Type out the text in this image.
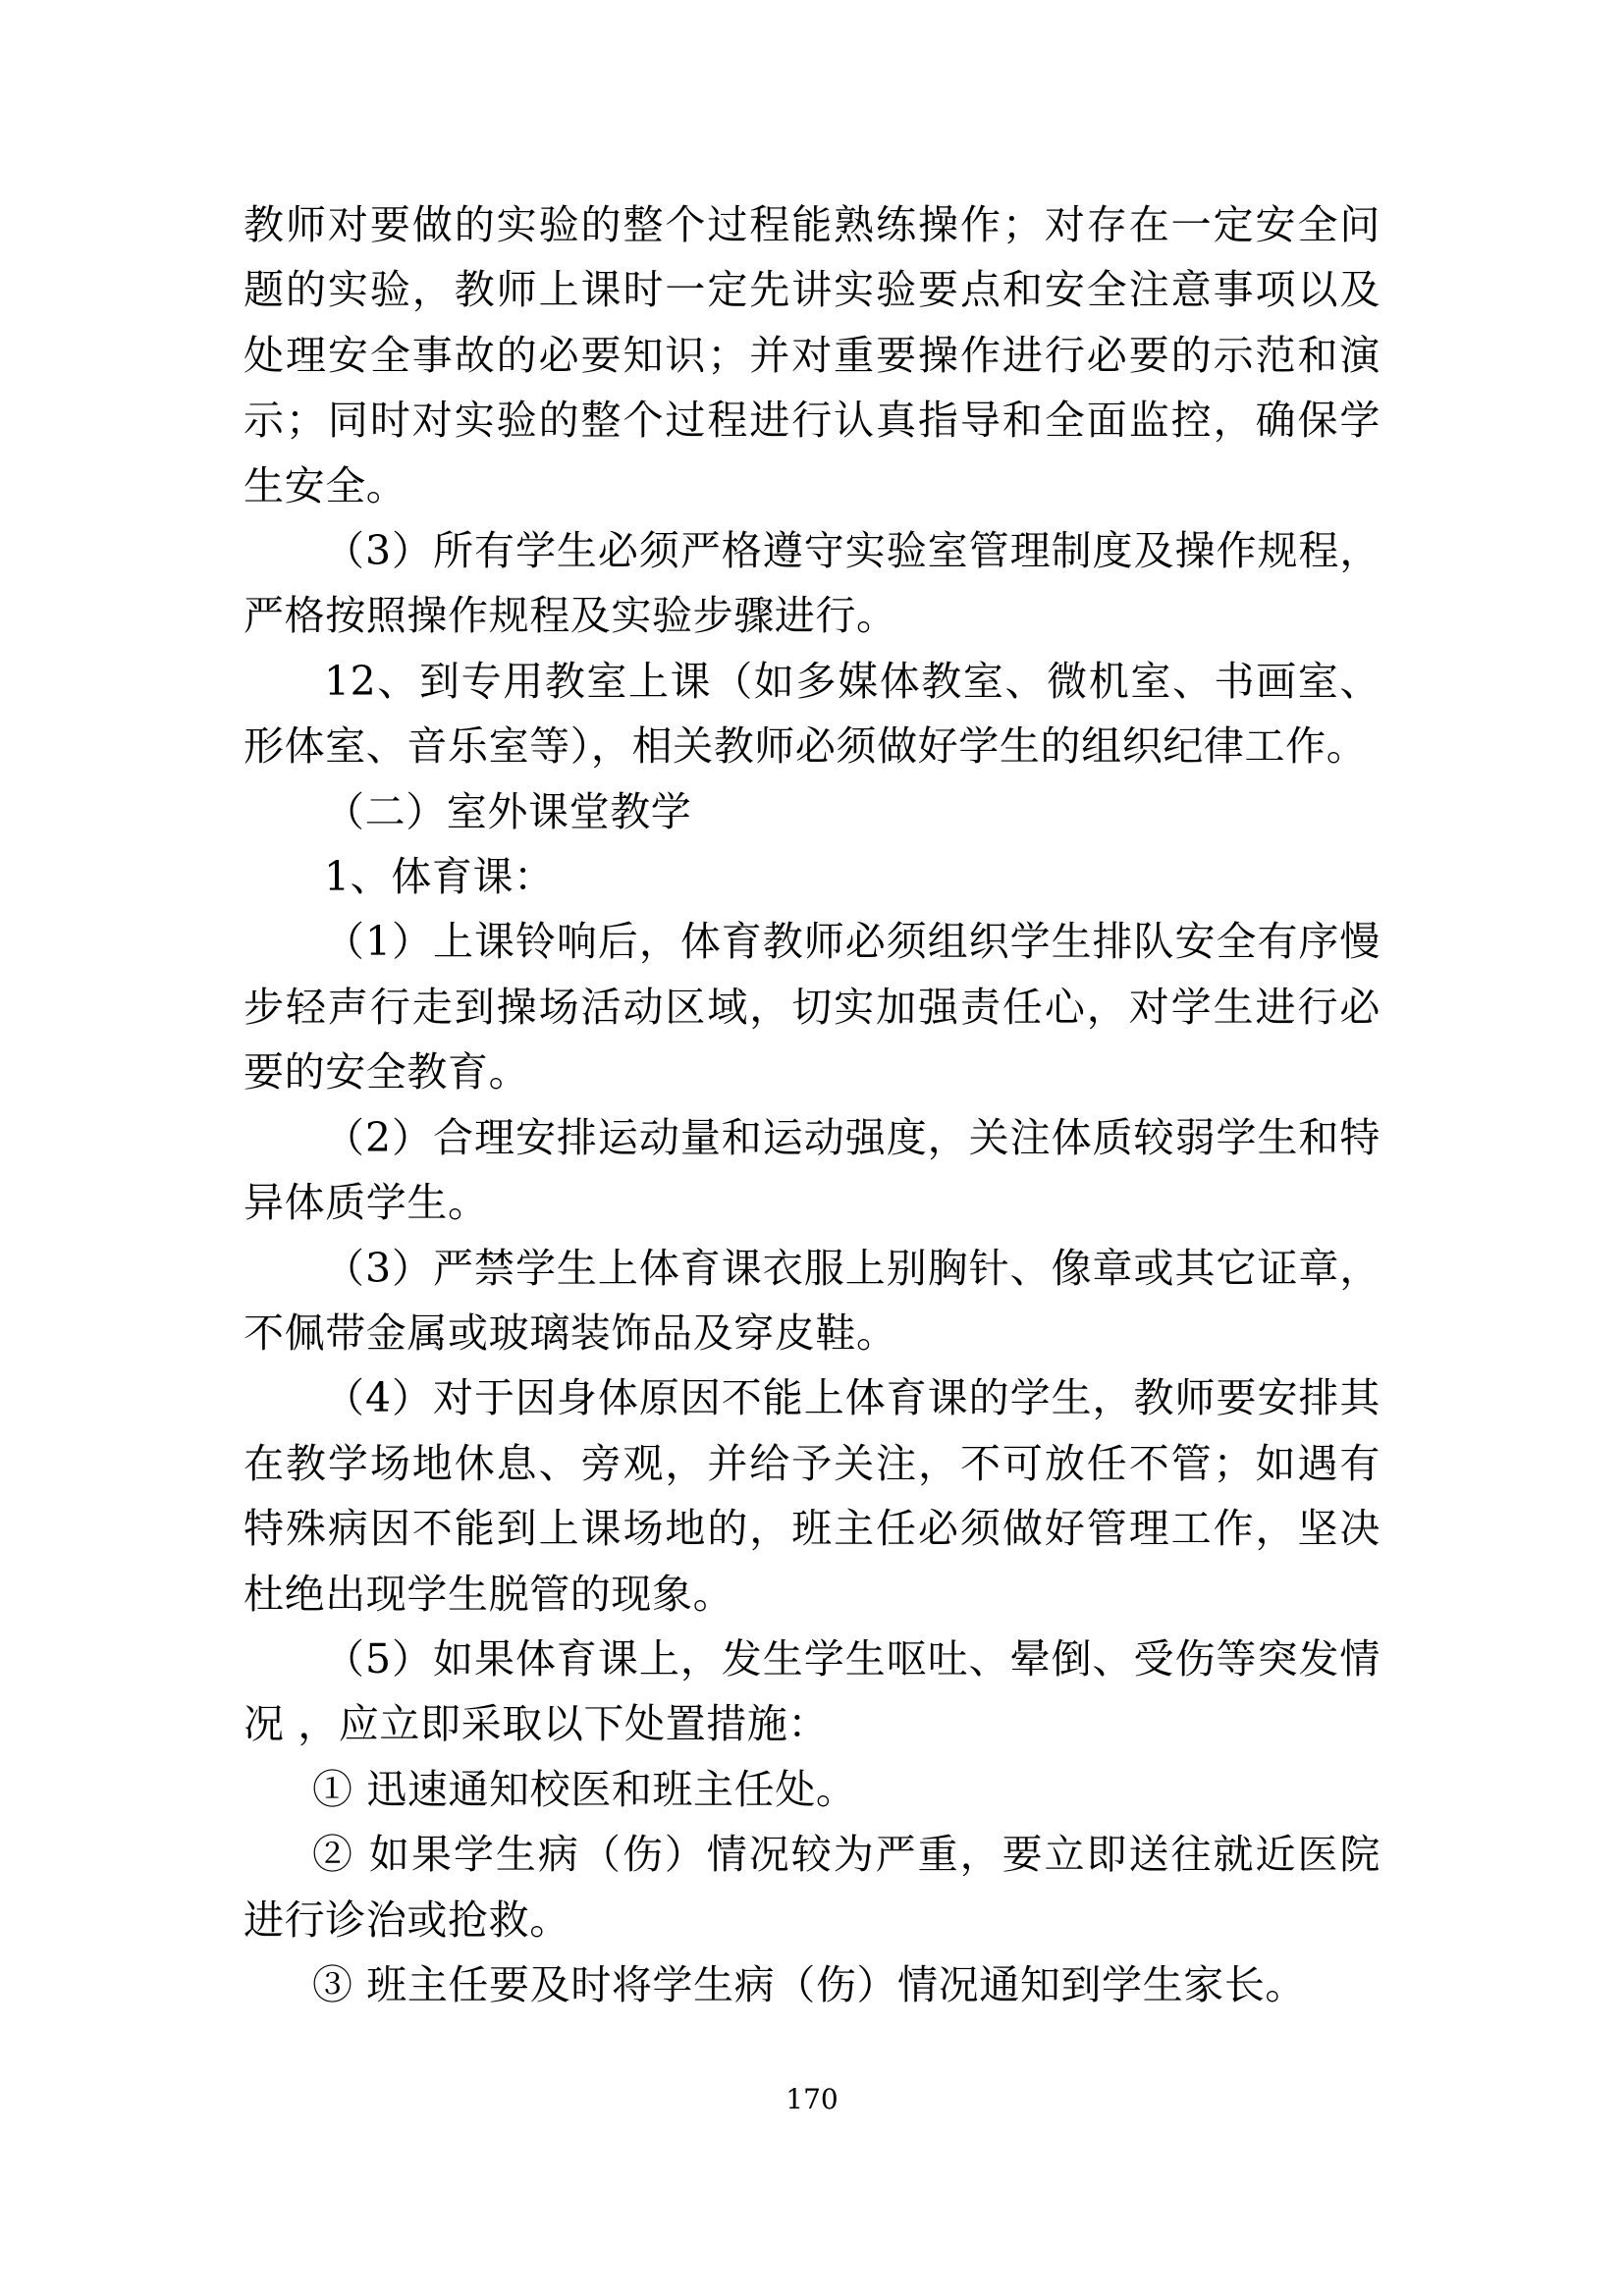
教师对要做的实验的整个过程能熟练操作；对存在一定安全问题的实验，教师上课时一定先讲实验要点和安全注意事项以及处理安全事故的必要知识；并对重要操作进行必要的示范和演示；同时对实验的整个过程进行认真指导和全面监控，确保学生安全。

（3）所有学生必须严格遵守实验室管理制度及操作规程，严格按照操作规程及实验步骤进行。

12、到专用教室上课（如多媒体教室、微机室、书画室、形体室、音乐室等），相关教师必须做好学生的组织纪律工作。

（二）室外课堂教学

1、体育课：

（1）上课铃响后，体育教师必须组织学生排队安全有序慢步轻声行走到操场活动区域，切实加强责任心，对学生进行必要的安全教育。

（2）合理安排运动量和运动强度，关注体质较弱学生和特异体质学生。

（3）严禁学生上体育课衣服上别胸针、像章或其它证章，不佩带金属或玻璃装饰品及穿皮鞋。

（4）对于因身体原因不能上体育课的学生，教师要安排其在教学场地休息、旁观，并给予关注，不可放任不管；如遇有特殊病因不能到上课场地的，班主任必须做好管理工作，坚决杜绝出现学生脱管的现象。

（5）如果体育课上，发生学生呕吐、晕倒、受伤等突发情况 ，应立即采取以下处置措施：

① 迅速通知校医和班主任处。

② 如果学生病（伤）情况较为严重，要立即送往就近医院进行诊治或抢救。

③ 班主任要及时将学生病（伤）情况通知到学生家长。

170
